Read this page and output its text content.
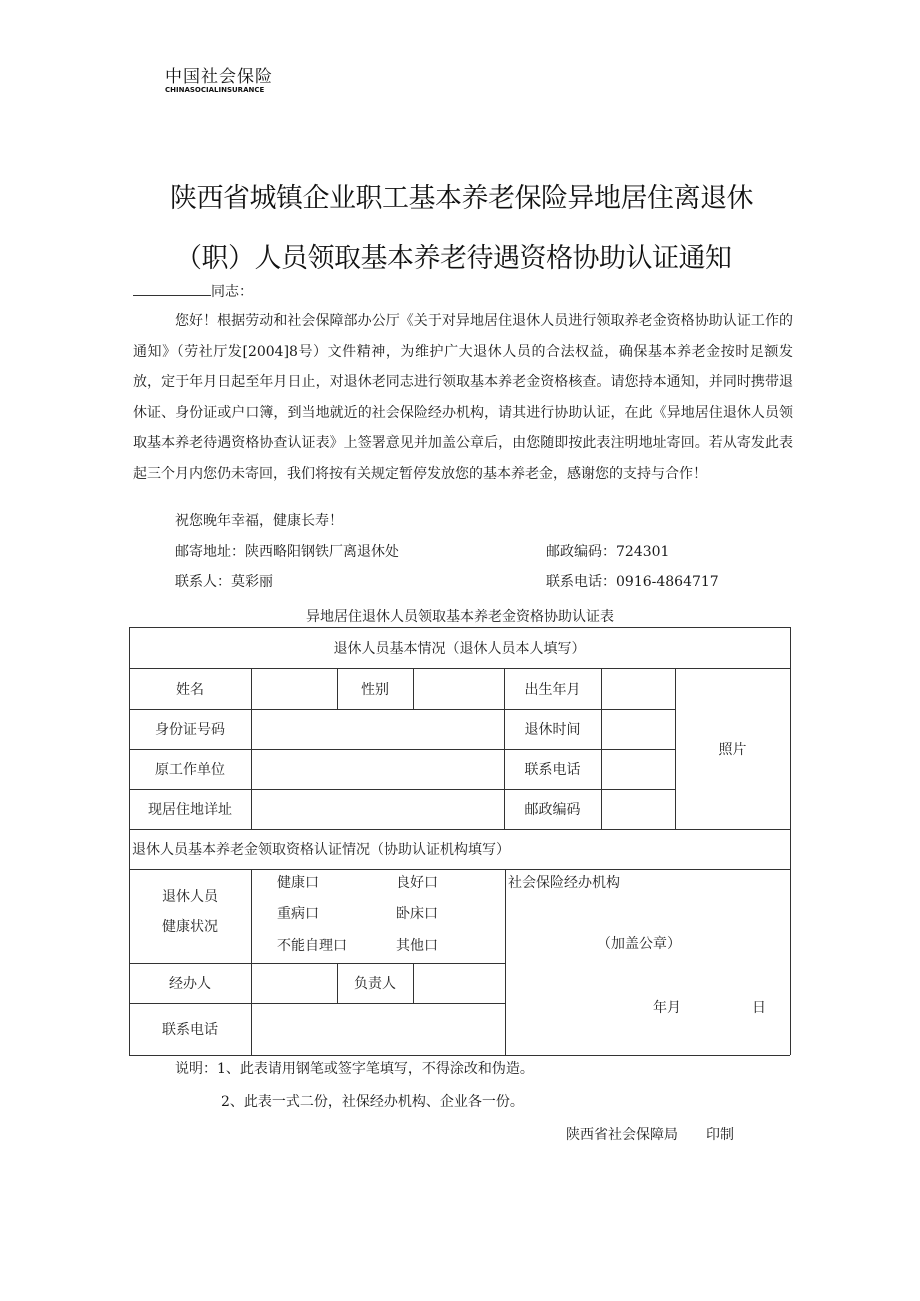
中国社会保险
CHINASOCIALINSURANCE
陕西省城镇企业职工基本养老保险异地居住离退休
（职）人员领取基本养老待遇资格协助认证通知
同志：
您好！根据劳动和社会保障部办公厅《关于对异地居住退休人员进行领取养老金资格协助认证工作的通知》（劳社厅发[2004]8号）文件精神，为维护广大退休人员的合法权益，确保基本养老金按时足额发放，定于年月日起至年月日止，对退休老同志进行领取基本养老金资格核查。请您持本通知，并同时携带退休证、身份证或户口簿，到当地就近的社会保险经办机构，请其进行协助认证，在此《异地居住退休人员领取基本养老待遇资格协查认证表》上签署意见并加盖公章后，由您随即按此表注明地址寄回。若从寄发此表起三个月内您仍未寄回，我们将按有关规定暂停发放您的基本养老金，感谢您的支持与合作！
祝您晚年幸福，健康长寿！
邮寄地址：陕西略阳钢铁厂离退休处	邮政编码：724301
联系人：莫彩丽	联系电话：0916-4864717
异地居住退休人员领取基本养老金资格协助认证表
退休人员基本情况（退休人员本人填写）
姓名	性别	出生年月
照片
身份证号码	退休时间
原工作单位	联系电话
现居住地详址	邮政编码
退休人员基本养老金领取资格认证情况（协助认证机构填写）
退休人员
健康状况
健康口	良好口
重病口	卧床口
不能自理口	其他口
社会保险经办机构
（加盖公章）
年月	日
经办人	负责人
联系电话
说明：1、此表请用钢笔或签字笔填写，不得涂改和伪造。
2、此表一式二份，社保经办机构、企业各一份。
陕西省社会保障局 印制
